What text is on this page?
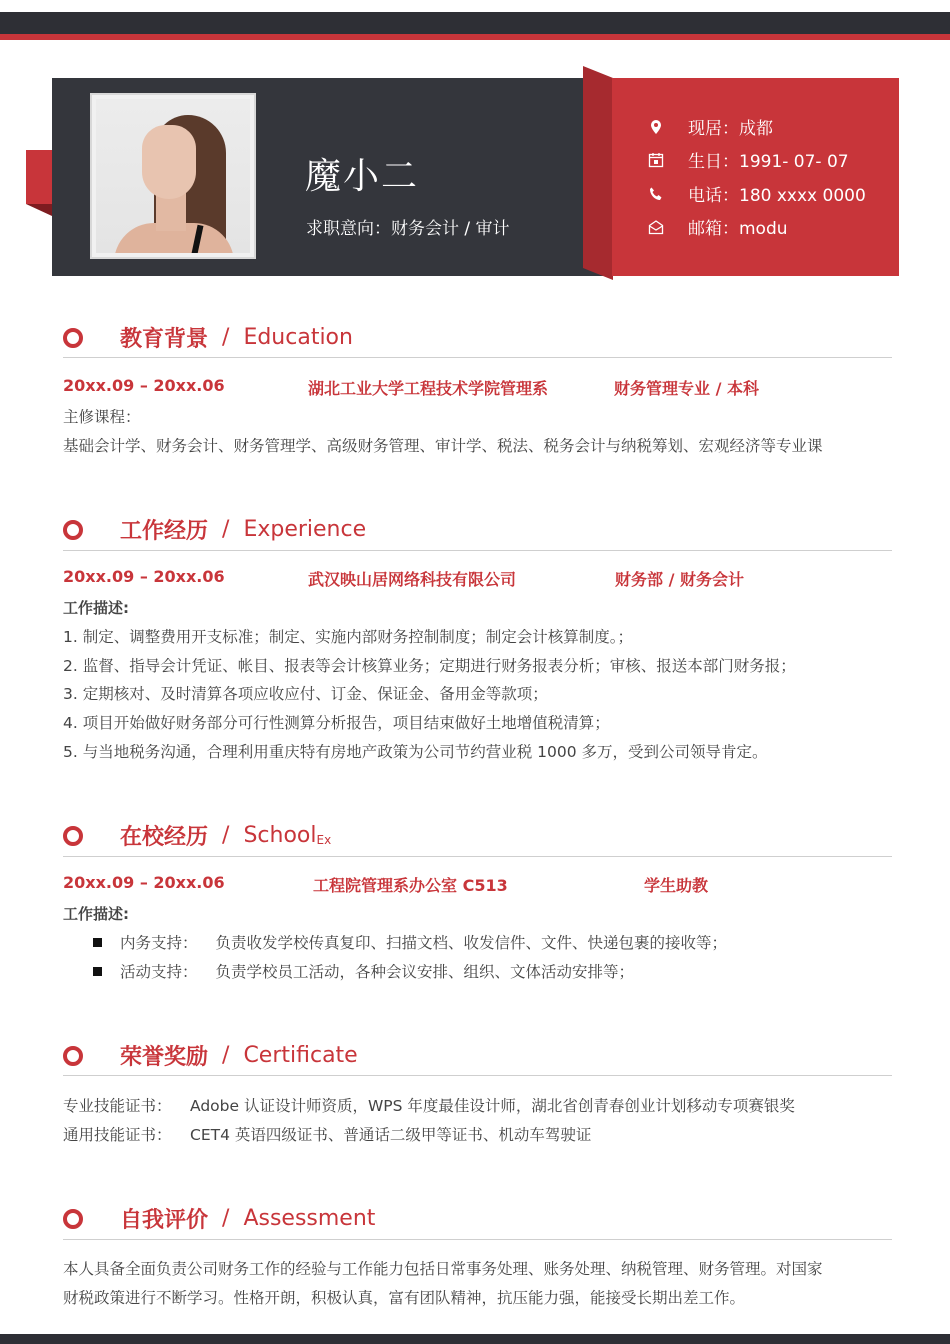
魔小二
求职意向：财务会计 / 审计
现居：成都
生日：1991- 07- 07
电话：180 xxxx 0000
邮箱：modu
教育背景 / Education
20xx.09 – 20xx.06	湖北工业大学工程技术学院管理系	财务管理专业 / 本科
主修课程：
基础会计学、财务会计、财务管理学、高级财务管理、审计学、税法、税务会计与纳税筹划、宏观经济等专业课
工作经历 / Experience
20xx.09 – 20xx.06	武汉映山居网络科技有限公司	财务部 / 财务会计
工作描述:
1. 制定、调整费用开支标准；制定、实施内部财务控制制度；制定会计核算制度。；
2. 监督、指导会计凭证、帐目、报表等会计核算业务；定期进行财务报表分析；审核、报送本部门财务报；
3. 定期核对、及时清算各项应收应付、订金、保证金、备用金等款项；
4. 项目开始做好财务部分可行性测算分析报告，项目结束做好土地增值税清算；
5. 与当地税务沟通，合理利用重庆特有房地产政策为公司节约营业税 1000 多万，受到公司领导肯定。
在校经历 / School Ex
20xx.09 – 20xx.06	工程院管理系办公室 C513	学生助教
工作描述:
内务支持： 负责收发学校传真复印、扫描文档、收发信件、文件、快递包裹的接收等；
活动支持： 负责学校员工活动，各种会议安排、组织、文体活动安排等；
荣誉奖励 / Certificate
专业技能证书： Adobe 认证设计师资质，WPS 年度最佳设计师，湖北省创青春创业计划移动专项赛银奖
通用技能证书： CET4 英语四级证书、普通话二级甲等证书、机动车驾驶证
自我评价 / Assessment
本人具备全面负责公司财务工作的经验与工作能力包括日常事务处理、账务处理、纳税管理、财务管理。对国家
财税政策进行不断学习。性格开朗，积极认真，富有团队精神，抗压能力强，能接受长期出差工作。
